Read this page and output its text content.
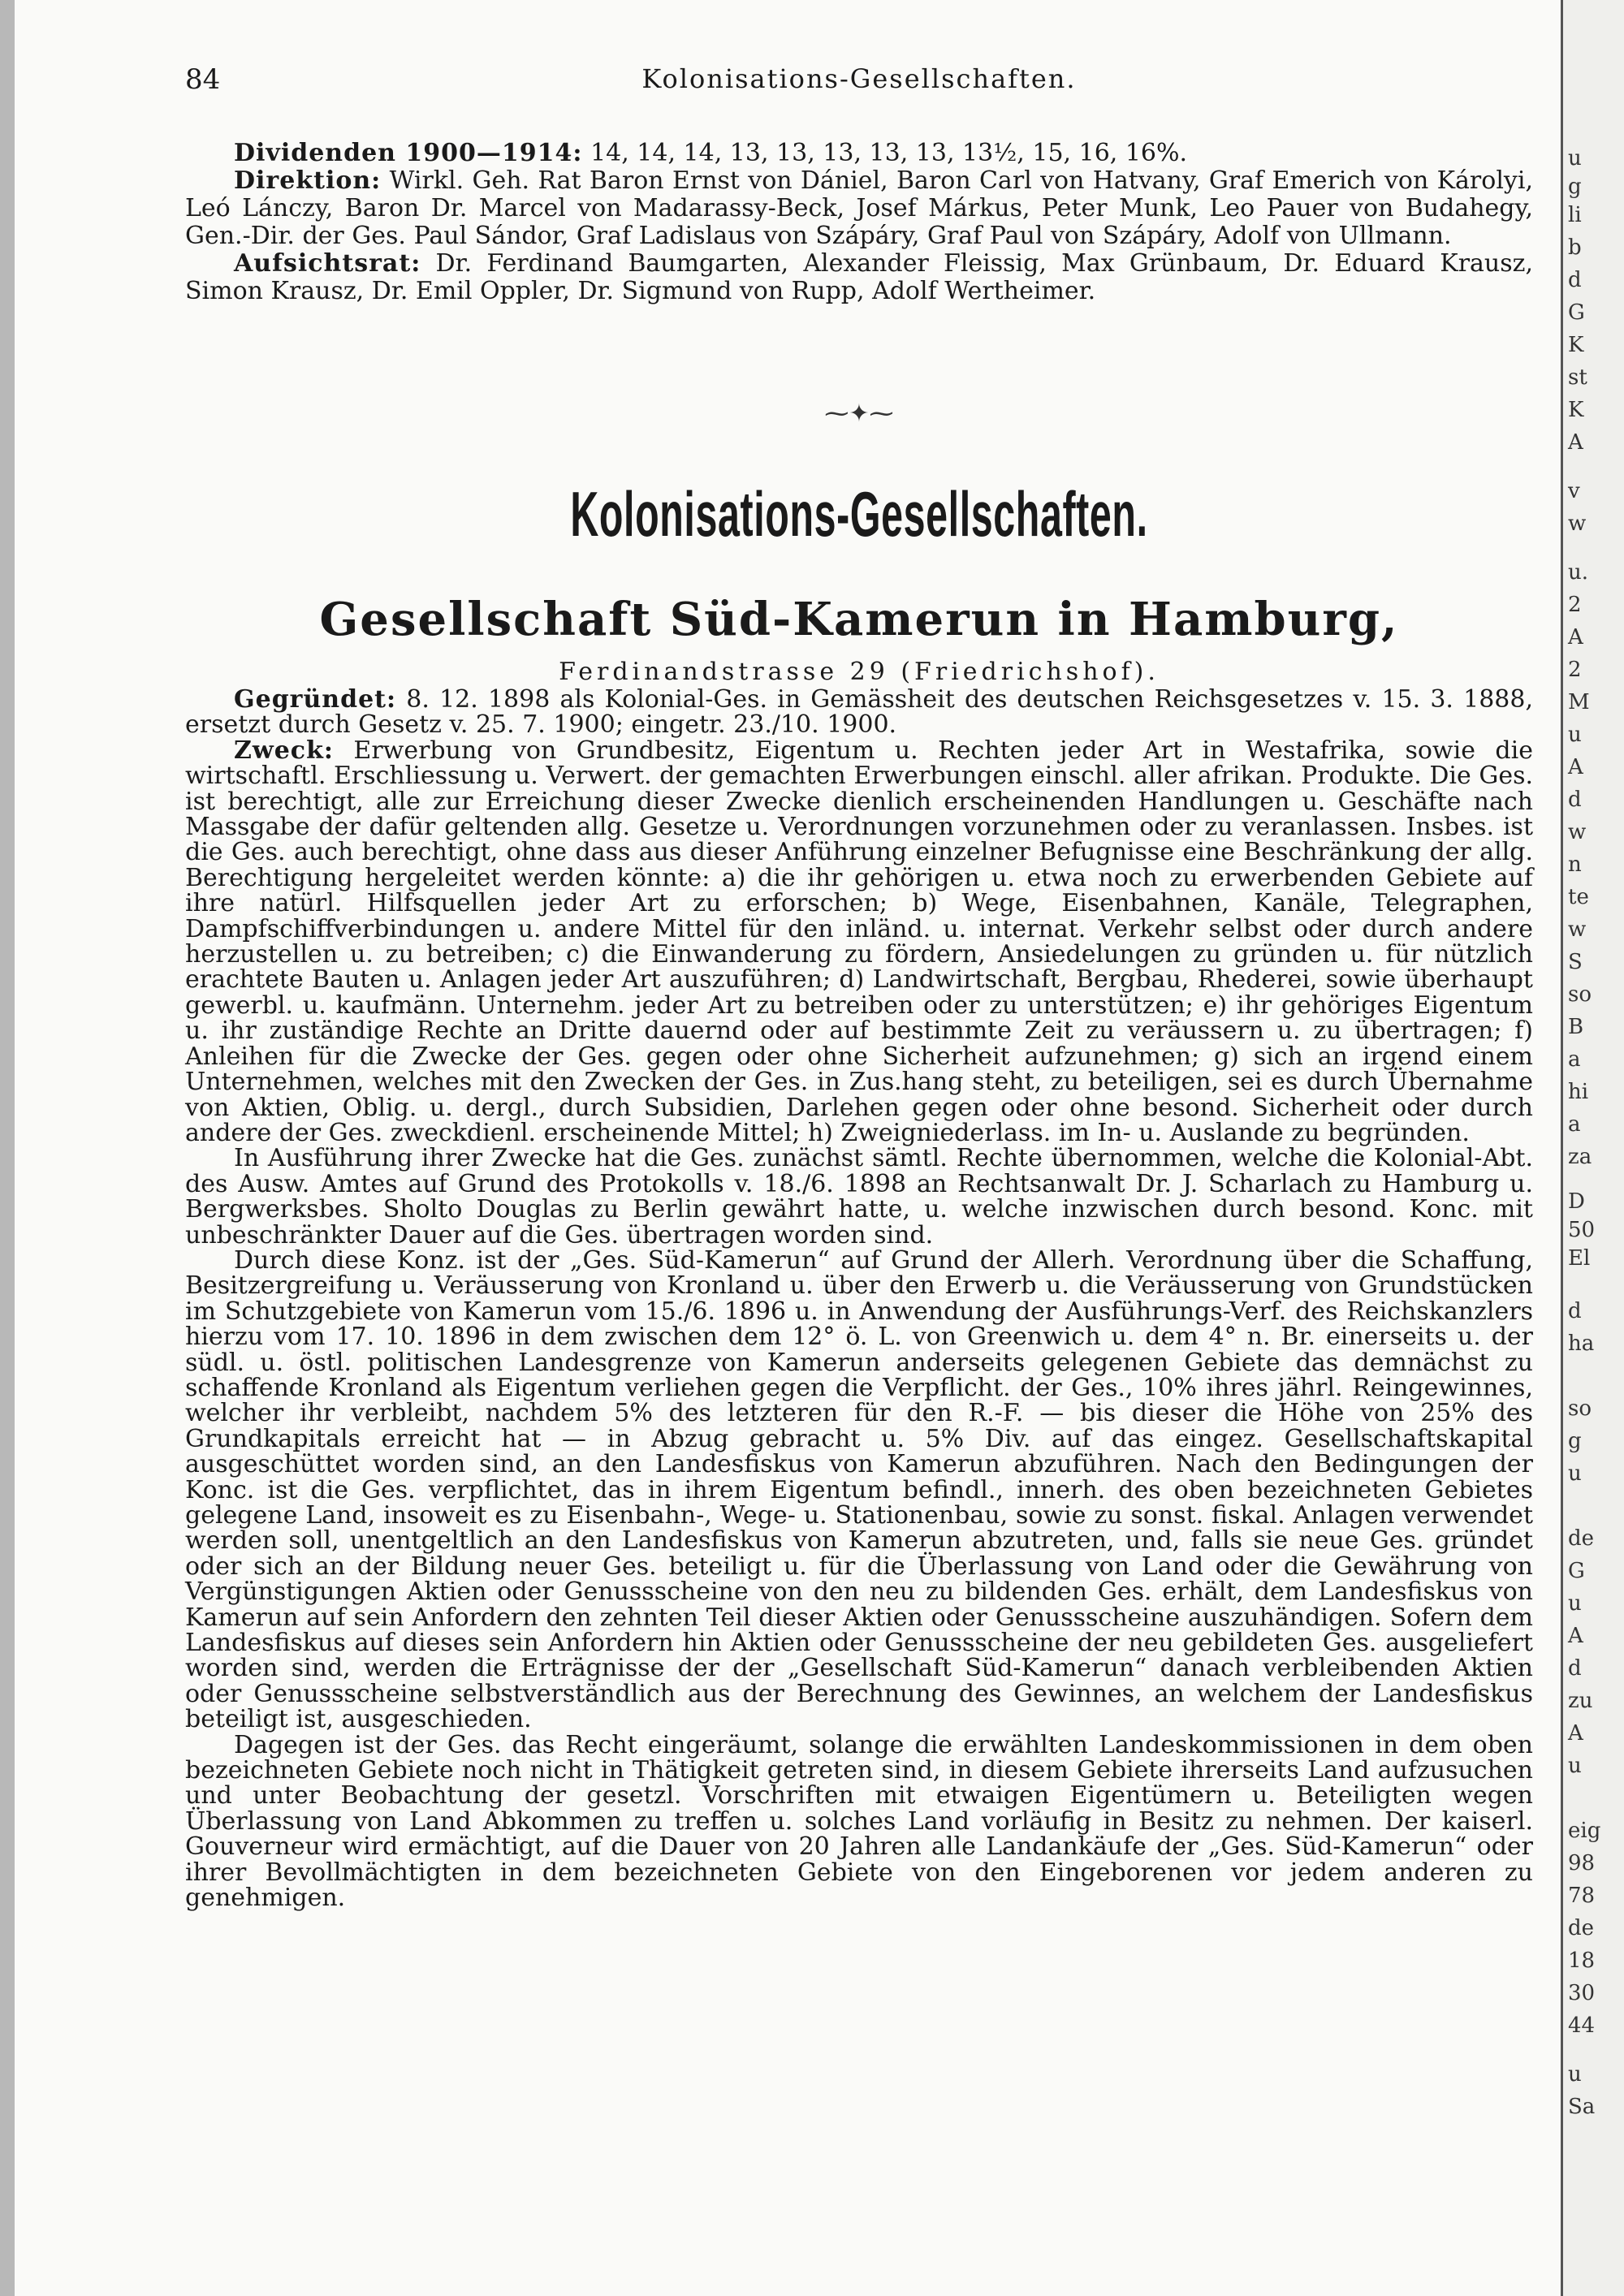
84	Kolonisations-Gesellschaften.

Dividenden 1900—1914: 14, 14, 14, 13, 13, 13, 13, 13, 13½, 15, 16, 16%.

Direktion: Wirkl. Geh. Rat Baron Ernst von Dániel, Baron Carl von Hatvany, Graf Emerich von Károlyi, Leó Lánczy, Baron Dr. Marcel von Madarassy-Beck, Josef Márkus, Peter Munk, Leo Pauer von Budahegy, Gen.-Dir. der Ges. Paul Sándor, Graf Ladislaus von Szápáry, Graf Paul von Szápáry, Adolf von Ullmann.

Aufsichtsrat: Dr. Ferdinand Baumgarten, Alexander Fleissig, Max Grünbaum, Dr. Eduard Krausz, Simon Krausz, Dr. Emil Oppler, Dr. Sigmund von Rupp, Adolf Wertheimer.

⁓✦⁓
Kolonisations-Gesellschaften.
Gesellschaft Süd-Kamerun in Hamburg,
Ferdinandstrasse 29 (Friedrichshof).

Gegründet: 8. 12. 1898 als Kolonial-Ges. in Gemässheit des deutschen Reichsgesetzes v. 15. 3. 1888, ersetzt durch Gesetz v. 25. 7. 1900; eingetr. 23./10. 1900.

Zweck: Erwerbung von Grundbesitz, Eigentum u. Rechten jeder Art in Westafrika, sowie die wirtschaftl. Erschliessung u. Verwert. der gemachten Erwerbungen einschl. aller afrikan. Produkte. Die Ges. ist berechtigt, alle zur Erreichung dieser Zwecke dienlich erscheinenden Handlungen u. Geschäfte nach Massgabe der dafür geltenden allg. Gesetze u. Verordnungen vorzunehmen oder zu veranlassen. Insbes. ist die Ges. auch berechtigt, ohne dass aus dieser Anführung einzelner Befugnisse eine Beschränkung der allg. Berechtigung hergeleitet werden könnte: a) die ihr gehörigen u. etwa noch zu erwerbenden Gebiete auf ihre natürl. Hilfsquellen jeder Art zu erforschen; b) Wege, Eisenbahnen, Kanäle, Telegraphen, Dampfschiffverbindungen u. andere Mittel für den inländ. u. internat. Verkehr selbst oder durch andere herzustellen u. zu betreiben; c) die Einwanderung zu fördern, Ansiedelungen zu gründen u. für nützlich erachtete Bauten u. Anlagen jeder Art auszuführen; d) Landwirtschaft, Bergbau, Rhederei, sowie überhaupt gewerbl. u. kaufmänn. Unternehm. jeder Art zu betreiben oder zu unterstützen; e) ihr gehöriges Eigentum u. ihr zuständige Rechte an Dritte dauernd oder auf bestimmte Zeit zu veräussern u. zu übertragen; f) Anleihen für die Zwecke der Ges. gegen oder ohne Sicherheit aufzunehmen; g) sich an irgend einem Unternehmen, welches mit den Zwecken der Ges. in Zus.hang steht, zu beteiligen, sei es durch Übernahme von Aktien, Oblig. u. dergl., durch Subsidien, Darlehen gegen oder ohne besond. Sicherheit oder durch andere der Ges. zweckdienl. erscheinende Mittel; h) Zweigniederlass. im In- u. Auslande zu begründen.

In Ausführung ihrer Zwecke hat die Ges. zunächst sämtl. Rechte übernommen, welche die Kolonial-Abt. des Ausw. Amtes auf Grund des Protokolls v. 18./6. 1898 an Rechtsanwalt Dr. J. Scharlach zu Hamburg u. Bergwerksbes. Sholto Douglas zu Berlin gewährt hatte, u. welche inzwischen durch besond. Konc. mit unbeschränkter Dauer auf die Ges. übertragen worden sind.

Durch diese Konz. ist der „Ges. Süd-Kamerun“ auf Grund der Allerh. Verordnung über die Schaffung, Besitzergreifung u. Veräusserung von Kronland u. über den Erwerb u. die Veräusserung von Grundstücken im Schutzgebiete von Kamerun vom 15./6. 1896 u. in Anwendung der Ausführungs-Verf. des Reichskanzlers hierzu vom 17. 10. 1896 in dem zwischen dem 12° ö. L. von Greenwich u. dem 4° n. Br. einerseits u. der südl. u. östl. politischen Landesgrenze von Kamerun anderseits gelegenen Gebiete das demnächst zu schaffende Kronland als Eigentum verliehen gegen die Verpflicht. der Ges., 10% ihres jährl. Reingewinnes, welcher ihr verbleibt, nachdem 5% des letzteren für den R.-F. — bis dieser die Höhe von 25% des Grundkapitals erreicht hat — in Abzug gebracht u. 5% Div. auf das eingez. Gesellschaftskapital ausgeschüttet worden sind, an den Landesfiskus von Kamerun abzuführen. Nach den Bedingungen der Konc. ist die Ges. verpflichtet, das in ihrem Eigentum befindl., innerh. des oben bezeichneten Gebietes gelegene Land, insoweit es zu Eisenbahn-, Wege- u. Stationenbau, sowie zu sonst. fiskal. Anlagen verwendet werden soll, unentgeltlich an den Landesfiskus von Kamerun abzutreten, und, falls sie neue Ges. gründet oder sich an der Bildung neuer Ges. beteiligt u. für die Überlassung von Land oder die Gewährung von Vergünstigungen Aktien oder Genussscheine von den neu zu bildenden Ges. erhält, dem Landesfiskus von Kamerun auf sein Anfordern den zehnten Teil dieser Aktien oder Genussscheine auszuhändigen. Sofern dem Landesfiskus auf dieses sein Anfordern hin Aktien oder Genussscheine der neu gebildeten Ges. ausgeliefert worden sind, werden die Erträgnisse der der „Gesellschaft Süd-Kamerun“ danach verbleibenden Aktien oder Genussscheine selbstverständlich aus der Berechnung des Gewinnes, an welchem der Landesfiskus beteiligt ist, ausgeschieden.

Dagegen ist der Ges. das Recht eingeräumt, solange die erwählten Landeskommissionen in dem oben bezeichneten Gebiete noch nicht in Thätigkeit getreten sind, in diesem Gebiete ihrerseits Land aufzusuchen und unter Beobachtung der gesetzl. Vorschriften mit etwaigen Eigentümern u. Beteiligten wegen Überlassung von Land Abkommen zu treffen u. solches Land vorläufig in Besitz zu nehmen. Der kaiserl. Gouverneur wird ermächtigt, auf die Dauer von 20 Jahren alle Landankäufe der „Ges. Süd-Kamerun“ oder ihrer Bevollmächtigten in dem bezeichneten Gebiete von den Eingeborenen vor jedem anderen zu genehmigen.

u
g
li
b
d
G
K
st
K
A
v
w
u.
2
A
2
M
u
A
d
w
n
te
w
S
so
B
a
hi
a
za
D
50
El
d
ha
so
g
u
de
G
u
A
d
zu
A
u
eig
98
78
de
18
30
44
u
Sa
